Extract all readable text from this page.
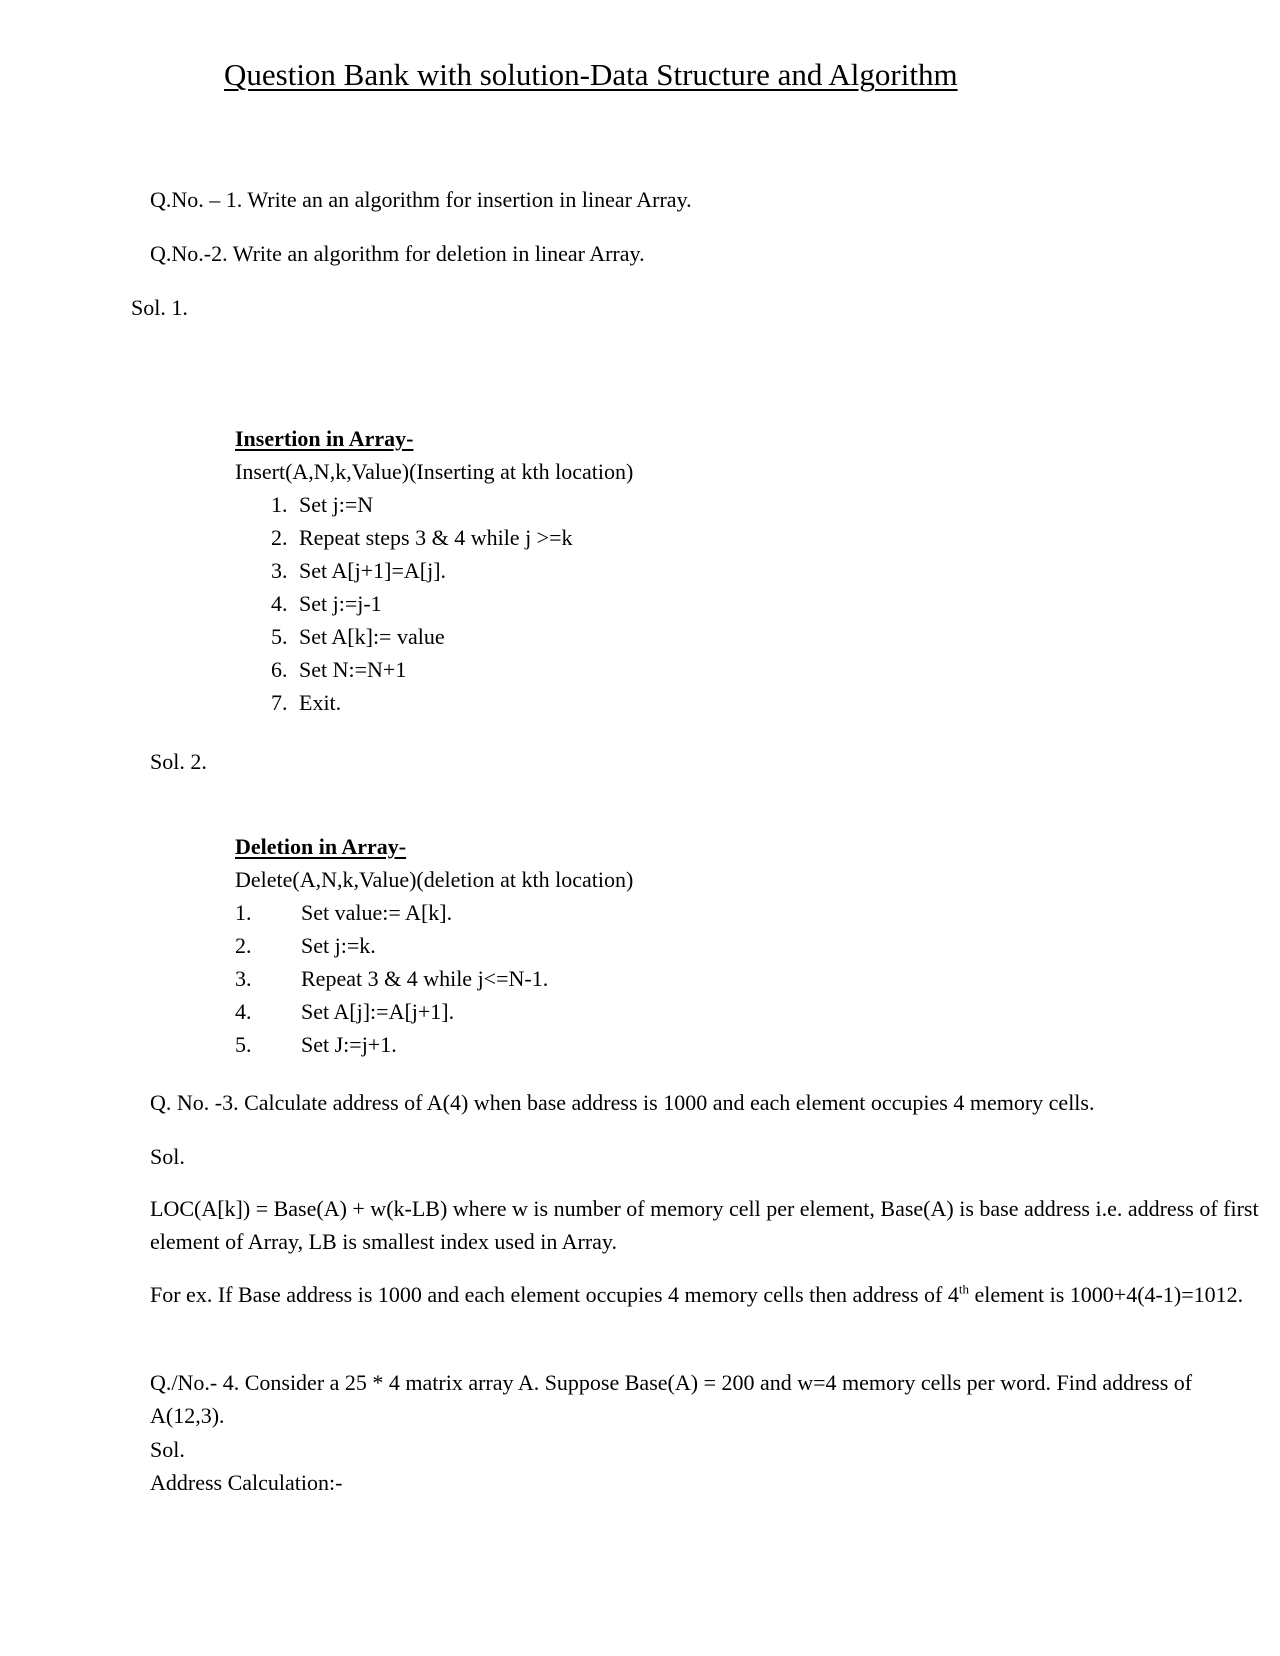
Question Bank with solution-Data Structure and Algorithm
Q.No. – 1. Write an an algorithm for insertion in linear Array.
Q.No.-2. Write an algorithm for deletion in linear Array.
Sol. 1.
Insertion in Array-
Insert(A,N,k,Value)(Inserting at kth location)
1. Set j:=N
2. Repeat steps 3 & 4 while j >=k
3. Set A[j+1]=A[j].
4. Set j:=j-1
5. Set A[k]:= value
6. Set N:=N+1
7. Exit.
Sol. 2.
Deletion in Array-
Delete(A,N,k,Value)(deletion at kth location)
1. Set value:= A[k].
2. Set j:=k.
3. Repeat 3 & 4 while j<=N-1.
4. Set A[j]:=A[j+1].
5. Set J:=j+1.
Q. No. -3. Calculate address of A(4) when base address is 1000 and each element occupies 4 memory cells.
Sol.
LOC(A[k]) = Base(A) + w(k-LB) where w is number of memory cell per element, Base(A) is base address i.e. address of first element of Array, LB is smallest index used in Array.
For ex. If Base address is 1000 and each element occupies 4 memory cells then address of 4th element is 1000+4(4-1)=1012.
Q./No.- 4. Consider a 25 * 4 matrix array A. Suppose Base(A) = 200 and w=4 memory cells per word. Find address of A(12,3).
Sol.
Address Calculation:-
